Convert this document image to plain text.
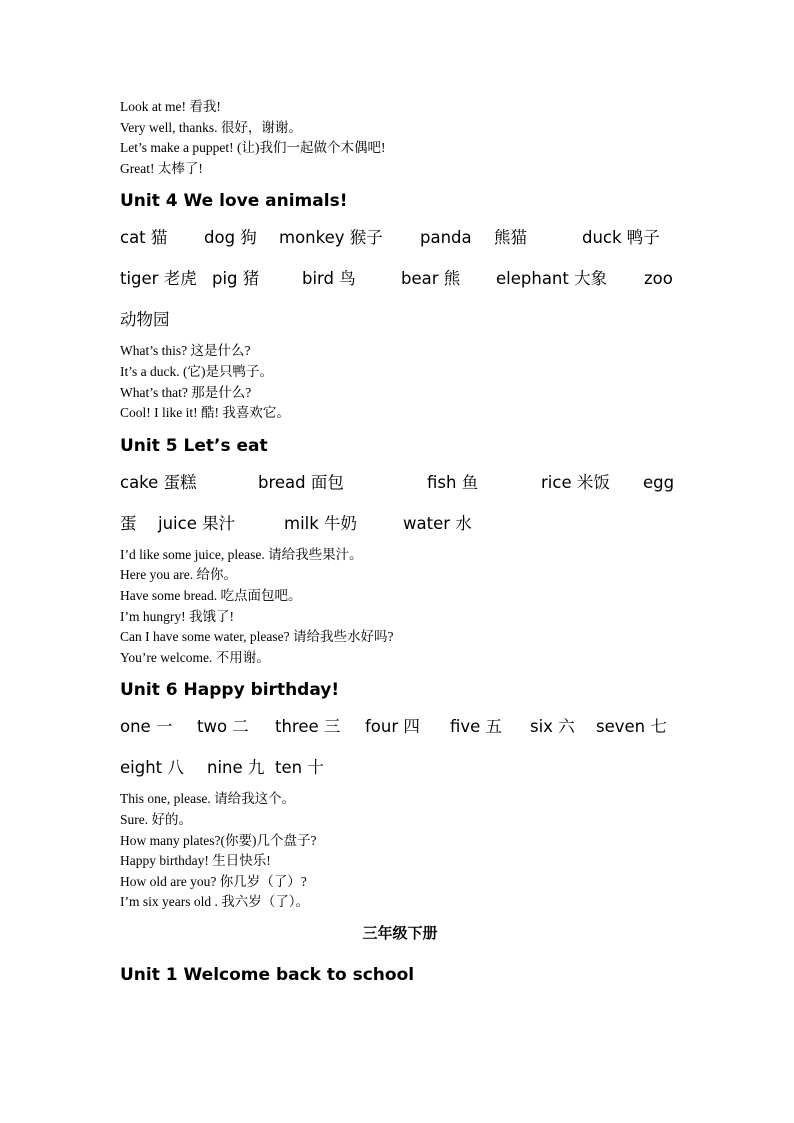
Look at me! 看我!
Very well, thanks. 很好，谢谢。
Let’s make a puppet! (让)我们一起做个木偶吧!
Great! 太棒了!
Unit 4 We love animals!
cat 猫 dog 狗 monkey 猴子 panda 熊猫	duck 鸭子
tiger 老虎 pig 猪	bird 鸟	bear 熊 elephant 大象 zoo
动物园
What’s this? 这是什么?
It’s a duck. (它)是只鸭子。
What’s that? 那是什么?
Cool! I like it! 酷! 我喜欢它。
Unit 5 Let’s eat
cake 蛋糕	bread 面包	fish 鱼	rice 米饭 egg
蛋 juice 果汁	milk 牛奶	water 水
I’d like some juice, please. 请给我些果汁。
Here you are. 给你。
Have some bread. 吃点面包吧。
I’m hungry! 我饿了!
Can I have some water, please? 请给我些水好吗?
You’re welcome. 不用谢。
Unit 6 Happy birthday!
one 一 two 二 three 三 four 四 five 五 six 六 seven 七
eight 八 nine 九 ten 十
This one, please. 请给我这个。
Sure. 好的。
How many plates?(你要)几个盘子?
Happy birthday! 生日快乐!
How old are you? 你几岁（了）?
I’m six years old . 我六岁（了）。
三年级下册
Unit 1 Welcome back to school
